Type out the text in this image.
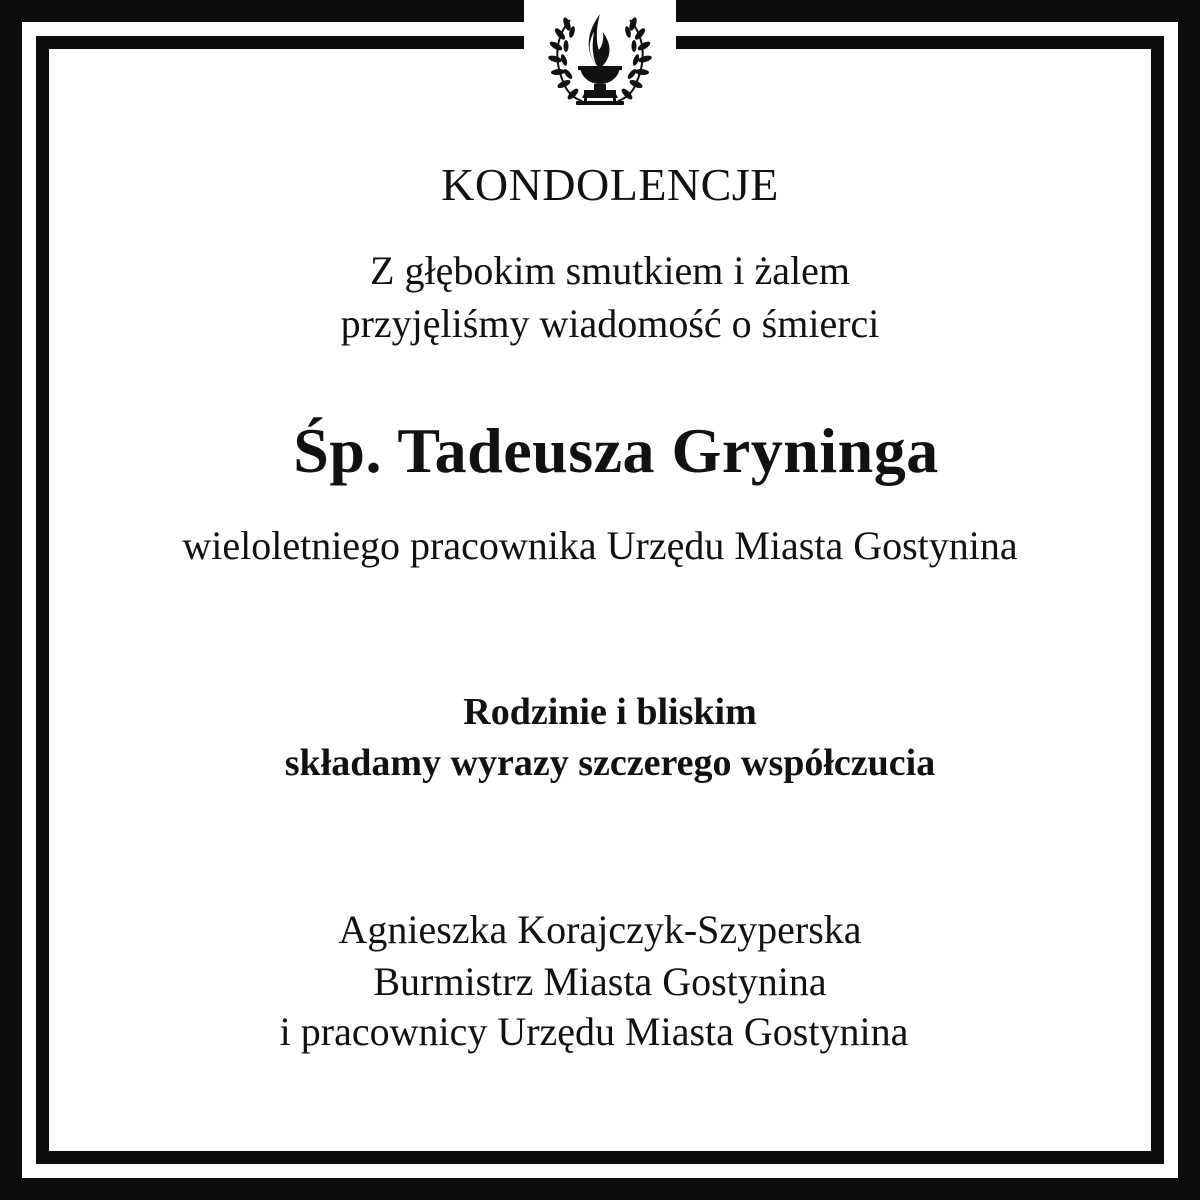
KONDOLENCJE
Z głębokim smutkiem i żalem
przyjęliśmy wiadomość o śmierci
Śp. Tadeusza Gryninga
wieloletniego pracownika Urzędu Miasta Gostynina
Rodzinie i bliskim
składamy wyrazy szczerego współczucia
Agnieszka Korajczyk-Szyperska
Burmistrz Miasta Gostynina
i pracownicy Urzędu Miasta Gostynina
